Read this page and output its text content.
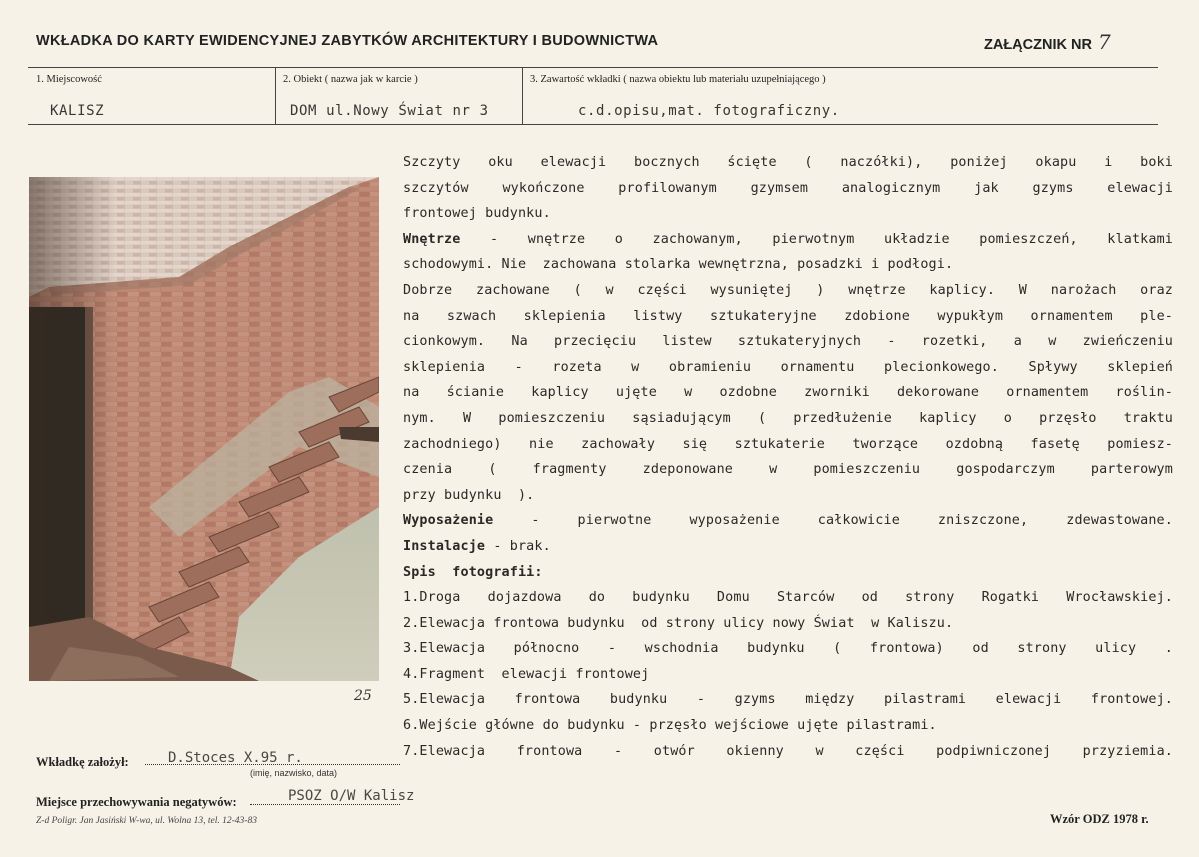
WKŁADKA DO KARTY EWIDENCYJNEJ ZABYTKÓW ARCHITEKTURY I BUDOWNICTWA	ZAŁĄCZNIK NR 7
1. Miejscowość	2. Obiekt ( nazwa jak w karcie )	3. Zawartość wkładki ( nazwa obiektu lub materiału uzupełniającego )
KALISZ	DOM ul.Nowy Świat nr 3	c.d.opisu,mat. fotograficzny.
25
Szczyty oku elewacji bocznych ścięte ( naczółki), poniżej okapu i boki
szczytów wykończone profilowanym gzymsem analogicznym jak gzyms elewacji
frontowej budynku.
Wnętrze - wnętrze o zachowanym, pierwotnym układzie pomieszczeń, klatkami
schodowymi. Nie  zachowana stolarka wewnętrzna, posadzki i podłogi.
Dobrze zachowane ( w części wysuniętej ) wnętrze kaplicy. W narożach oraz
na szwach sklepienia listwy sztukateryjne zdobione wypukłym ornamentem ple-
cionkowym. Na przecięciu listew sztukateryjnych - rozetki, a w zwieńczeniu
sklepienia - rozeta w obramieniu ornamentu plecionkowego. Spływy sklepień
na ścianie kaplicy ujęte w ozdobne zworniki dekorowane ornamentem roślin-
nym. W pomieszczeniu sąsiadującym ( przedłużenie kaplicy o przęsło traktu
zachodniego) nie zachowały się sztukaterie tworzące ozdobną fasetę pomiesz-
czenia ( fragmenty zdeponowane w pomieszczeniu gospodarczym parterowym
przy budynku  ).
Wyposażenie - pierwotne wyposażenie całkowicie zniszczone, zdewastowane.
Instalacje - brak.
Spis  fotografii:
1.Droga dojazdowa do budynku Domu Starców od strony Rogatki Wrocławskiej.
2.Elewacja frontowa budynku  od strony ulicy nowy Świat  w Kaliszu.
3.Elewacja północno - wschodnia budynku ( frontowa) od strony ulicy .
4.Fragment  elewacji frontowej
5.Elewacja frontowa budynku - gzyms między pilastrami elewacji frontowej.
6.Wejście główne do budynku - przęsło wejściowe ujęte pilastrami.
7.Elewacja frontowa - otwór okienny w części podpiwniczonej przyziemia.
Wkładkę założył:	D.Stoces X.95 r.
(imię, nazwisko, data)
Miejsce przechowywania negatywów:	PSOZ O/W Kalisz
Z-d Poligr. Jan Jasiński W-wa, ul. Wolna 13, tel. 12-43-83	Wzór ODZ 1978 r.
